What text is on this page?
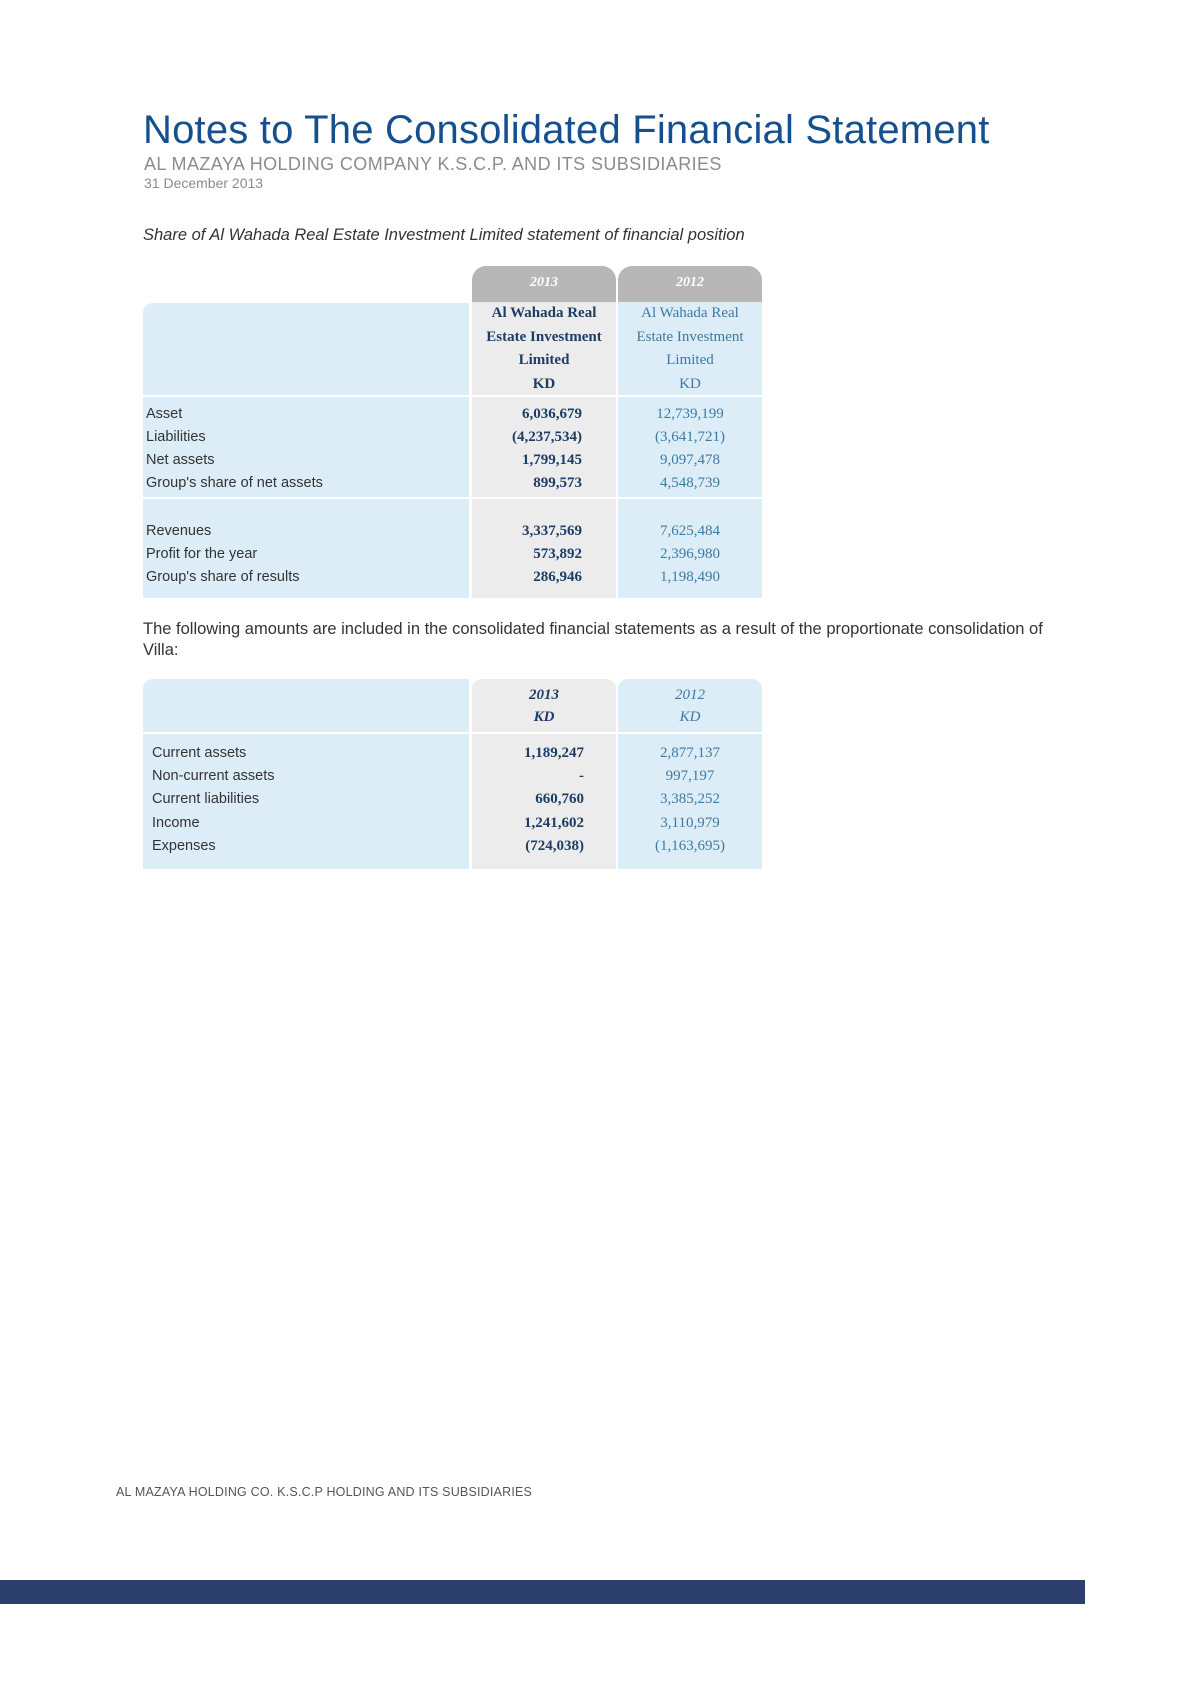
Notes to The Consolidated Financial Statement
AL MAZAYA HOLDING COMPANY K.S.C.P. AND ITS SUBSIDIARIES
31 December 2013
Share of Al Wahada Real Estate Investment Limited statement of financial position
2013
Al Wahada Real
Estate Investment
Limited
KD
2012
Al Wahada Real
Estate Investment
Limited
KD
Asset	6,036,679	12,739,199
Liabilities	(4,237,534)	(3,641,721)
Net assets	1,799,145	9,097,478
Group's share of net assets	899,573	4,548,739
Revenues	3,337,569	7,625,484
Profit for the year	573,892	2,396,980
Group's share of results	286,946	1,198,490
The following amounts are included in the consolidated financial statements as a result of the proportionate consolidation of Villa:
2013
KD
2012
KD
Current assets	1,189,247	2,877,137
Non-current assets	-	997,197
Current liabilities	660,760	3,385,252
Income	1,241,602	3,110,979
Expenses	(724,038)	(1,163,695)
AL MAZAYA HOLDING CO. K.S.C.P HOLDING AND ITS SUBSIDIARIES
